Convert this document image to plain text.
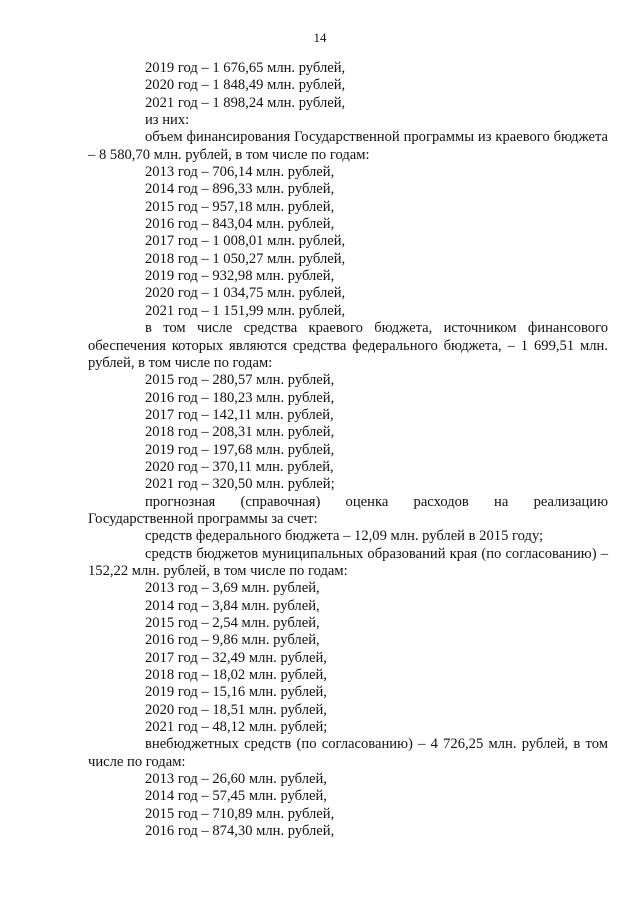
14
2019 год – 1 676,65 млн. рублей,
2020 год – 1 848,49 млн. рублей,
2021 год – 1 898,24 млн. рублей,
из них:
объем финансирования Государственной программы из краевого бюджета – 8 580,70 млн. рублей, в том числе по годам:
2013 год – 706,14 млн. рублей,
2014 год – 896,33 млн. рублей,
2015 год – 957,18 млн. рублей,
2016 год – 843,04 млн. рублей,
2017 год – 1 008,01 млн. рублей,
2018 год – 1 050,27 млн. рублей,
2019 год – 932,98 млн. рублей,
2020 год – 1 034,75 млн. рублей,
2021 год – 1 151,99 млн. рублей,
в том числе средства краевого бюджета, источником финансового обеспечения которых являются средства федерального бюджета, – 1 699,51 млн. рублей, в том числе по годам:
2015 год – 280,57 млн. рублей,
2016 год – 180,23 млн. рублей,
2017 год – 142,11 млн. рублей,
2018 год – 208,31 млн. рублей,
2019 год – 197,68 млн. рублей,
2020 год – 370,11 млн. рублей,
2021 год – 320,50 млн. рублей;
прогнозная (справочная) оценка расходов на реализацию Государственной программы за счет:
средств федерального бюджета – 12,09 млн. рублей в 2015 году;
средств бюджетов муниципальных образований края (по согласованию) – 152,22 млн. рублей, в том числе по годам:
2013 год – 3,69 млн. рублей,
2014 год – 3,84 млн. рублей,
2015 год – 2,54 млн. рублей,
2016 год – 9,86 млн. рублей,
2017 год – 32,49 млн. рублей,
2018 год – 18,02 млн. рублей,
2019 год – 15,16 млн. рублей,
2020 год – 18,51 млн. рублей,
2021 год – 48,12 млн. рублей;
внебюджетных средств (по согласованию) – 4 726,25 млн. рублей, в том числе по годам:
2013 год – 26,60 млн. рублей,
2014 год – 57,45 млн. рублей,
2015 год – 710,89 млн. рублей,
2016 год – 874,30 млн. рублей,
